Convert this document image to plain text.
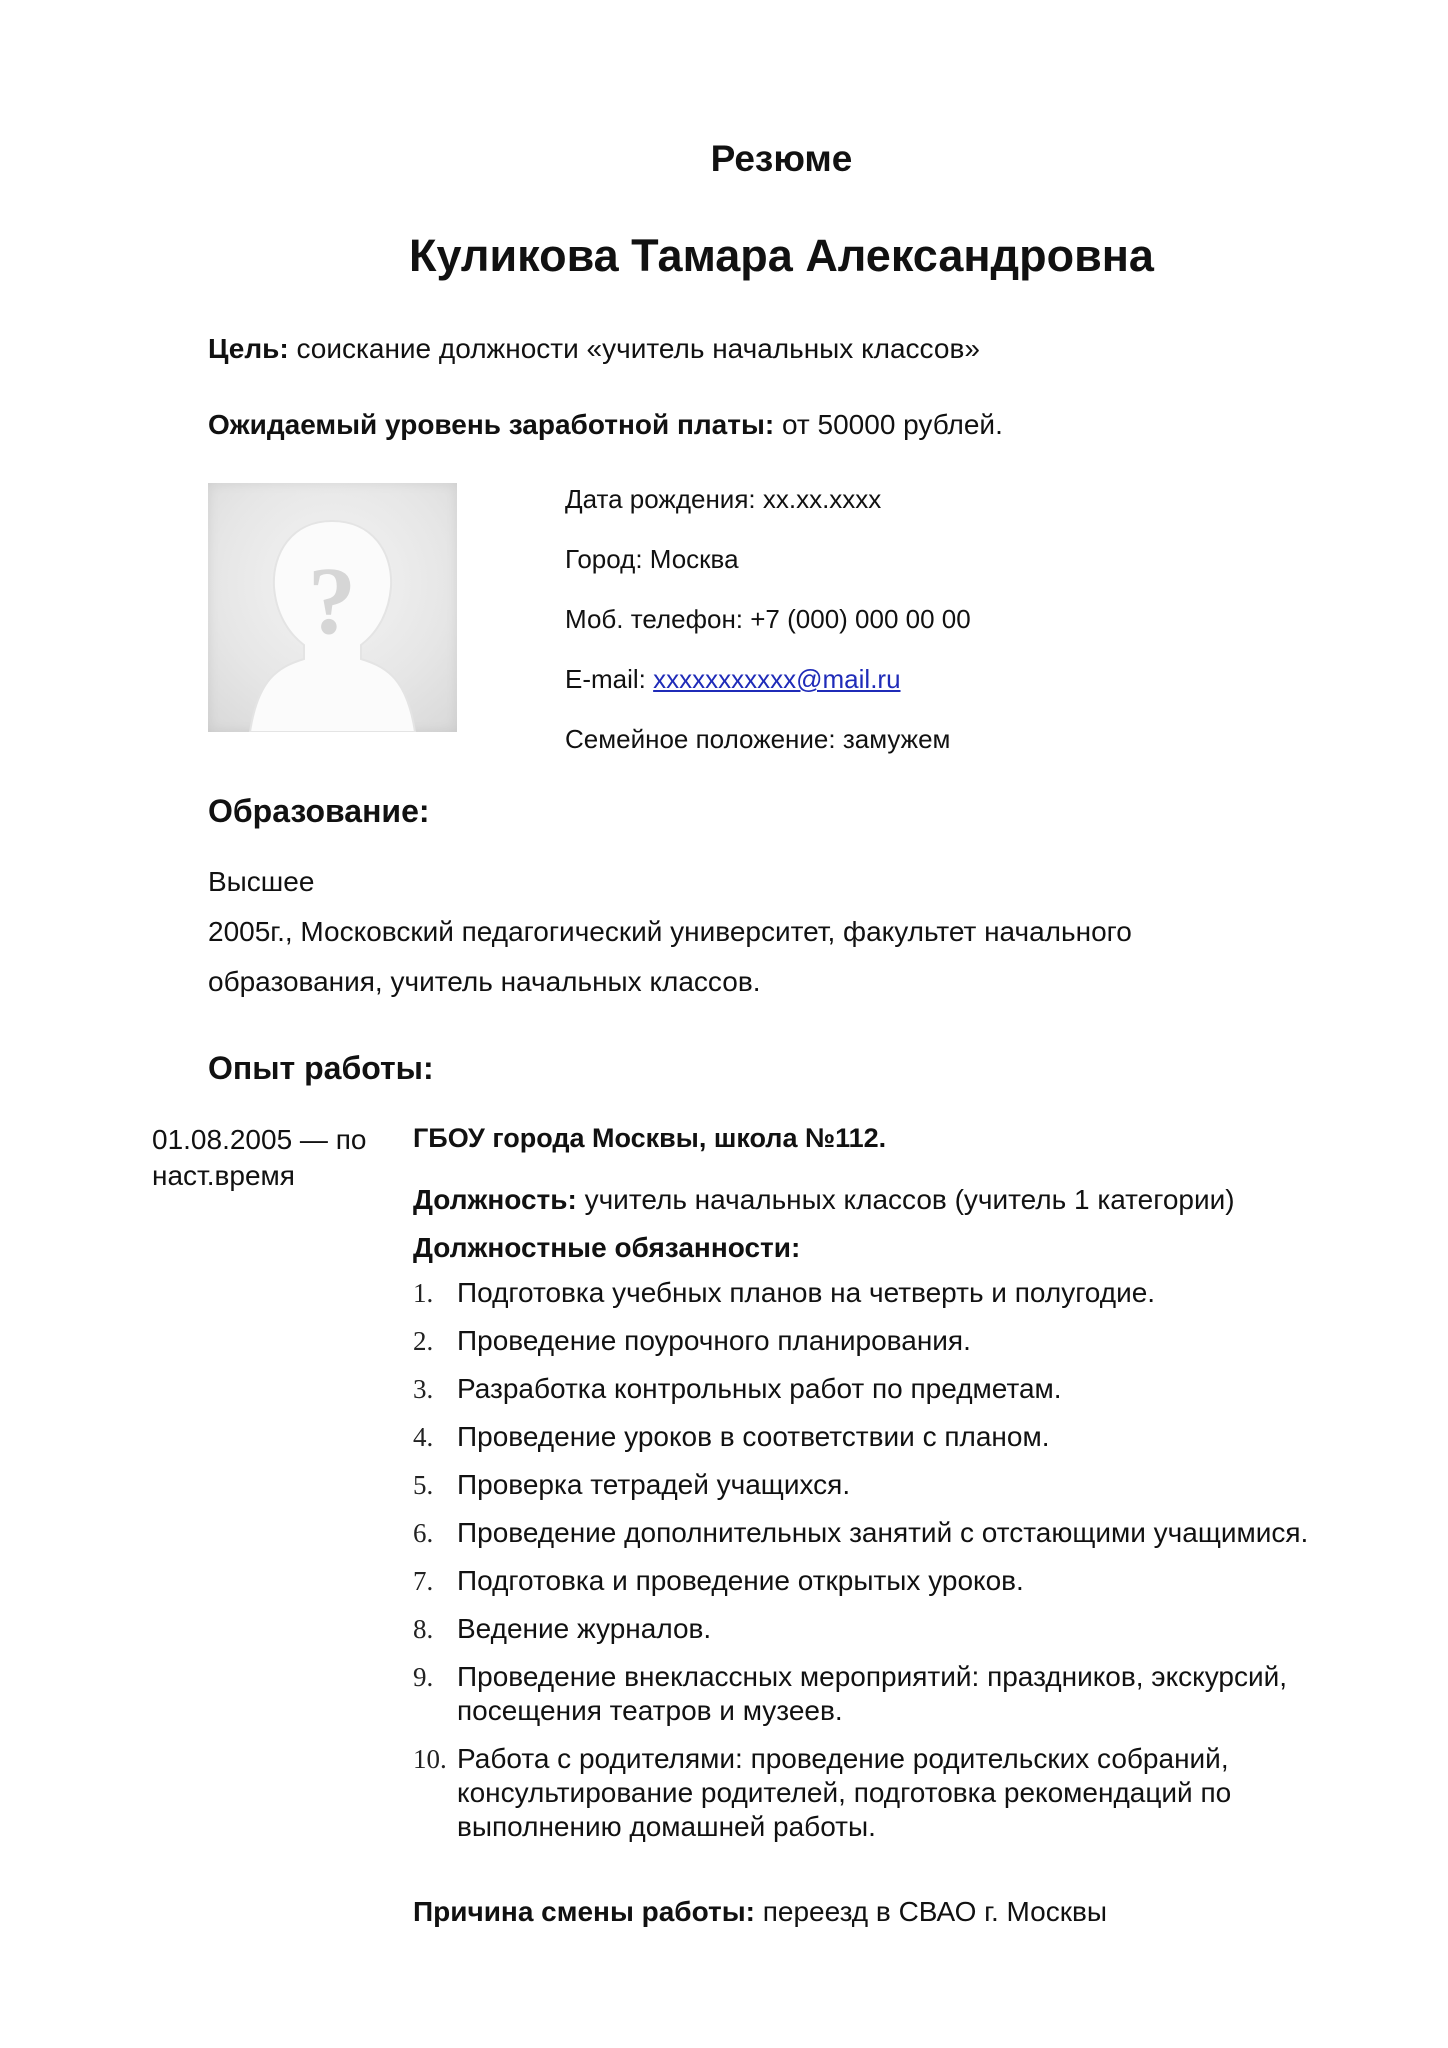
Резюме
Куликова Тамара Александровна
Цель: соискание должности «учитель начальных классов»
Ожидаемый уровень заработной платы: от 50000 рублей.
?
Дата рождения: хх.хх.хххх
Город: Москва
Моб. телефон: +7 (000) 000 00 00
E-mail: xxxxxxxxxxx@mail.ru
Семейное положение: замужем
Образование:
Высшее
2005г., Московский педагогический университет, факультет начального
образования, учитель начальных классов.
Опыт работы:
01.08.2005 — по наст.время
ГБОУ города Москвы, школа №112.
Должность: учитель начальных классов (учитель 1 категории)
Должностные обязанности:
1. Подготовка учебных планов на четверть и полугодие.
2. Проведение поурочного планирования.
3. Разработка контрольных работ по предметам.
4. Проведение уроков в соответствии с планом.
5. Проверка тетрадей учащихся.
6. Проведение дополнительных занятий с отстающими учащимися.
7. Подготовка и проведение открытых уроков.
8. Ведение журналов.
9. Проведение внеклассных мероприятий: праздников, экскурсий, посещения театров и музеев.
10. Работа с родителями: проведение родительских собраний, консультирование родителей, подготовка рекомендаций по выполнению домашней работы.
Причина смены работы: переезд в СВАО г. Москвы
